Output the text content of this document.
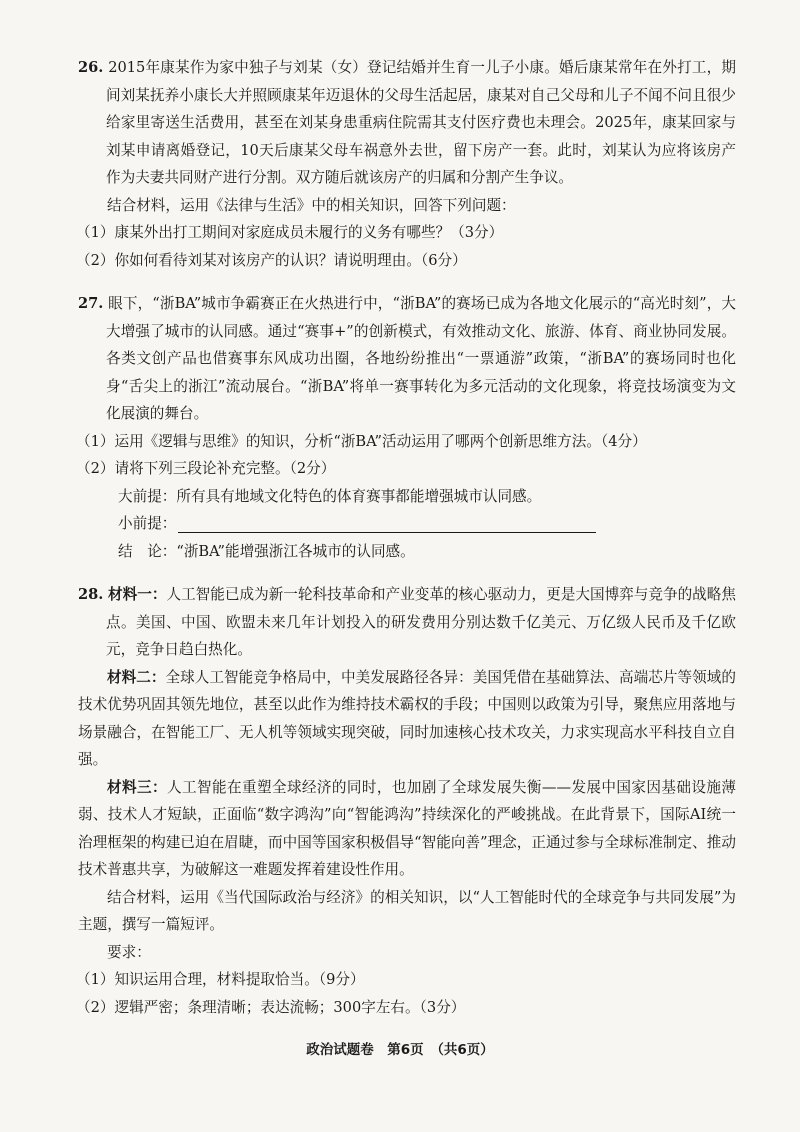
26. 2015年康某作为家中独子与刘某（女）登记结婚并生育一儿子小康。婚后康某常年在外打工，期间刘某抚养小康长大并照顾康某年迈退休的父母生活起居，康某对自己父母和儿子不闻不问且很少给家里寄送生活费用，甚至在刘某身患重病住院需其支付医疗费也未理会。2025年，康某回家与刘某申请离婚登记，10天后康某父母车祸意外去世，留下房产一套。此时，刘某认为应将该房产作为夫妻共同财产进行分割。双方随后就该房产的归属和分割产生争议。

结合材料，运用《法律与生活》中的相关知识，回答下列问题：

（1）康某外出打工期间对家庭成员未履行的义务有哪些？（3分）

（2）你如何看待刘某对该房产的认识？请说明理由。（6分）

27. 眼下，“浙BA”城市争霸赛正在火热进行中，“浙BA”的赛场已成为各地文化展示的“高光时刻”，大大增强了城市的认同感。通过“赛事+”的创新模式，有效推动文化、旅游、体育、商业协同发展。各类文创产品也借赛事东风成功出圈，各地纷纷推出“一票通游”政策，“浙BA”的赛场同时也化身“舌尖上的浙江”流动展台。“浙BA”将单一赛事转化为多元活动的文化现象，将竞技场演变为文化展演的舞台。

（1）运用《逻辑与思维》的知识，分析“浙BA”活动运用了哪两个创新思维方法。（4分）

（2）请将下列三段论补充完整。（2分）

大前提：所有具有地域文化特色的体育赛事都能增强城市认同感。

小前提：

结　论：“浙BA”能增强浙江各城市的认同感。

28. 材料一：人工智能已成为新一轮科技革命和产业变革的核心驱动力，更是大国博弈与竞争的战略焦点。美国、中国、欧盟未来几年计划投入的研发费用分别达数千亿美元、万亿级人民币及千亿欧元，竞争日趋白热化。

材料二：全球人工智能竞争格局中，中美发展路径各异：美国凭借在基础算法、高端芯片等领域的技术优势巩固其领先地位，甚至以此作为维持技术霸权的手段；中国则以政策为引导，聚焦应用落地与场景融合，在智能工厂、无人机等领域实现突破，同时加速核心技术攻关，力求实现高水平科技自立自强。

材料三：人工智能在重塑全球经济的同时，也加剧了全球发展失衡——发展中国家因基础设施薄弱、技术人才短缺，正面临“数字鸿沟”向“智能鸿沟”持续深化的严峻挑战。在此背景下，国际AI统一治理框架的构建已迫在眉睫，而中国等国家积极倡导“智能向善”理念，正通过参与全球标准制定、推动技术普惠共享，为破解这一难题发挥着建设性作用。

结合材料，运用《当代国际政治与经济》的相关知识，以“人工智能时代的全球竞争与共同发展”为主题，撰写一篇短评。

要求：

（1）知识运用合理，材料提取恰当。（9分）

（2）逻辑严密；条理清晰；表达流畅；300字左右。（3分）

政治试题卷　第6页　（共6页）
